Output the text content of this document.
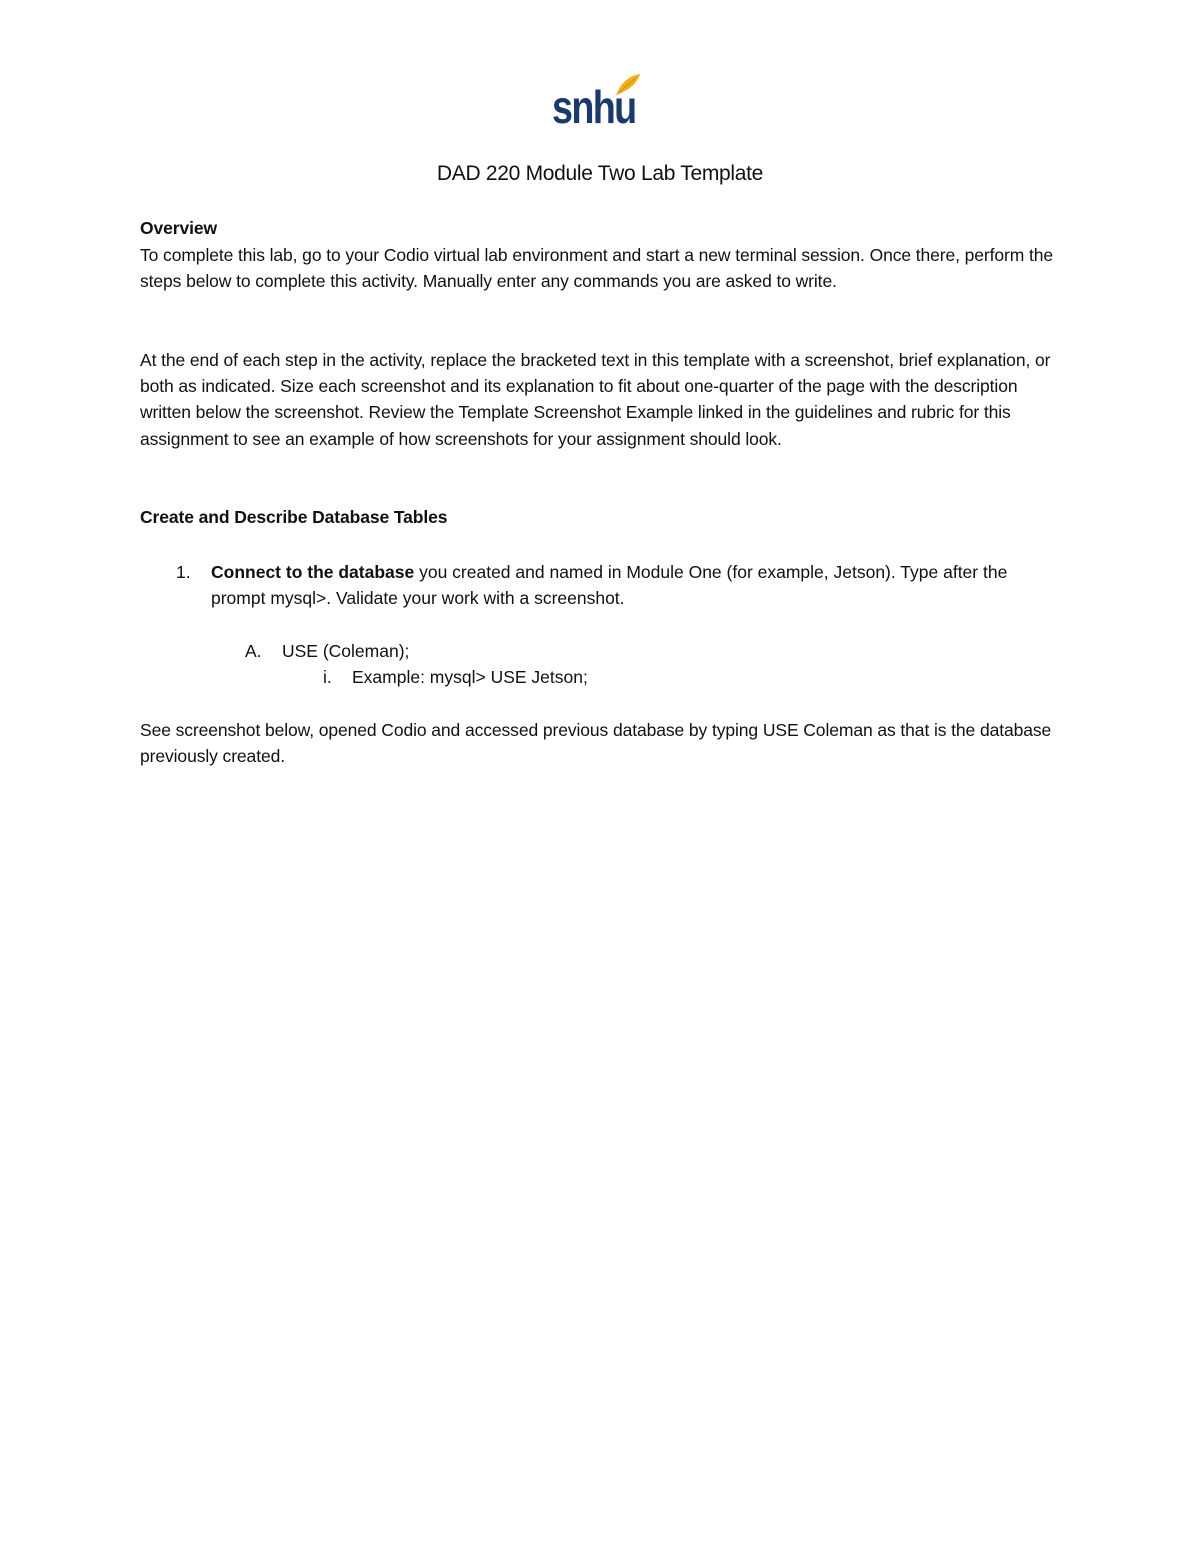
snhu
DAD 220 Module Two Lab Template
Overview
To complete this lab, go to your Codio virtual lab environment and start a new terminal session. Once there, perform the steps below to complete this activity. Manually enter any commands you are asked to write.
At the end of each step in the activity, replace the bracketed text in this template with a screenshot, brief explanation, or both as indicated. Size each screenshot and its explanation to fit about one-quarter of the page with the description written below the screenshot. Review the Template Screenshot Example linked in the guidelines and rubric for this assignment to see an example of how screenshots for your assignment should look.
Create and Describe Database Tables
1. Connect to the database you created and named in Module One (for example, Jetson). Type after the prompt mysql>. Validate your work with a screenshot.
A. USE (Coleman);
i. Example: mysql> USE Jetson;
See screenshot below, opened Codio and accessed previous database by typing USE Coleman as that is the database previously created.
